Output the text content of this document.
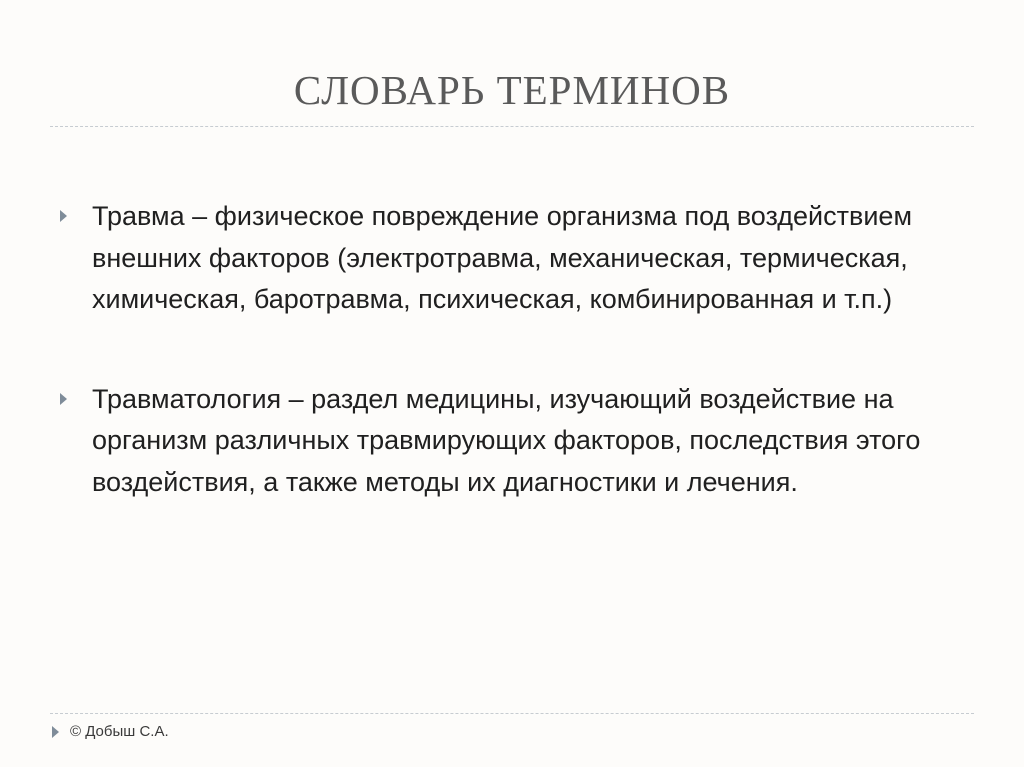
СЛОВАРЬ ТЕРМИНОВ
Травма – физическое повреждение организма под воздействием внешних факторов (электротравма, механическая, термическая, химическая, баротравма, психическая, комбинированная и т.п.)
Травматология – раздел медицины, изучающий воздействие на организм различных травмирующих факторов, последствия этого воздействия, а также методы их диагностики и лечения.
© Добыш С.А.
